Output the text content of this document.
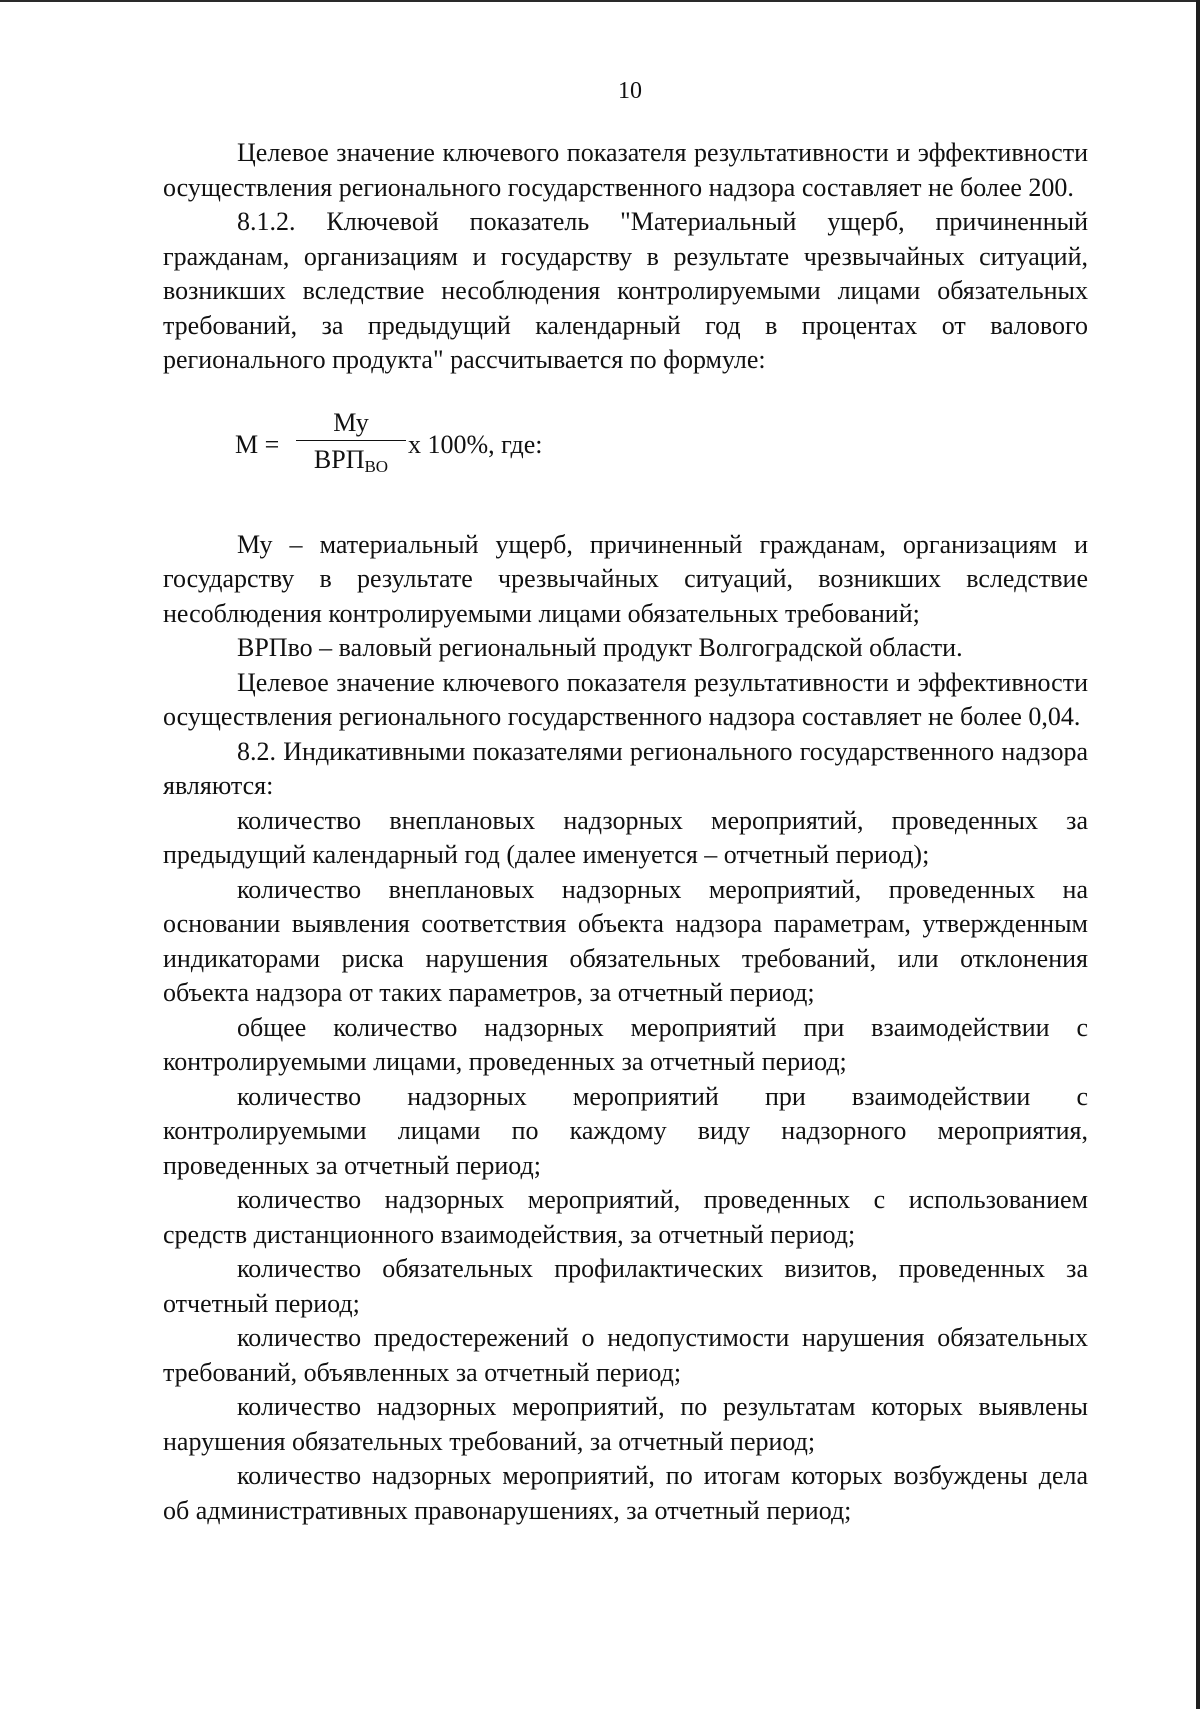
10

Целевое значение ключевого показателя результативности и эффективности осуществления регионального государственного надзора составляет не более 200.

8.1.2. Ключевой показатель "Материальный ущерб, причиненный гражданам, организациям и государству в результате чрезвычайных ситуаций, возникших вследствие несоблюдения контролируемыми лицами обязательных требований, за предыдущий календарный год в процентах от валового регионального продукта" рассчитывается по формуле:

М =
Му
$ВРП_{ВО}$
х 100%, где:

Му – материальный ущерб, причиненный гражданам, организациям и государству в результате чрезвычайных ситуаций, возникших вследствие несоблюдения контролируемыми лицами обязательных требований;

ВРПво – валовый региональный продукт Волгоградской области.

Целевое значение ключевого показателя результативности и эффективности осуществления регионального государственного надзора составляет не более 0,04.

8.2. Индикативными показателями регионального государственного надзора являются:

количество внеплановых надзорных мероприятий, проведенных за предыдущий календарный год (далее именуется – отчетный период);

количество внеплановых надзорных мероприятий, проведенных на основании выявления соответствия объекта надзора параметрам, утвержденным индикаторами риска нарушения обязательных требований, или отклонения объекта надзора от таких параметров, за отчетный период;

общее количество надзорных мероприятий при взаимодействии с контролируемыми лицами, проведенных за отчетный период;

количество надзорных мероприятий при взаимодействии с контролируемыми лицами по каждому виду надзорного мероприятия, проведенных за отчетный период;

количество надзорных мероприятий, проведенных с использованием средств дистанционного взаимодействия, за отчетный период;

количество обязательных профилактических визитов, проведенных за отчетный период;

количество предостережений о недопустимости нарушения обязательных требований, объявленных за отчетный период;

количество надзорных мероприятий, по результатам которых выявлены нарушения обязательных требований, за отчетный период;

количество надзорных мероприятий, по итогам которых возбуждены дела об административных правонарушениях, за отчетный период;
